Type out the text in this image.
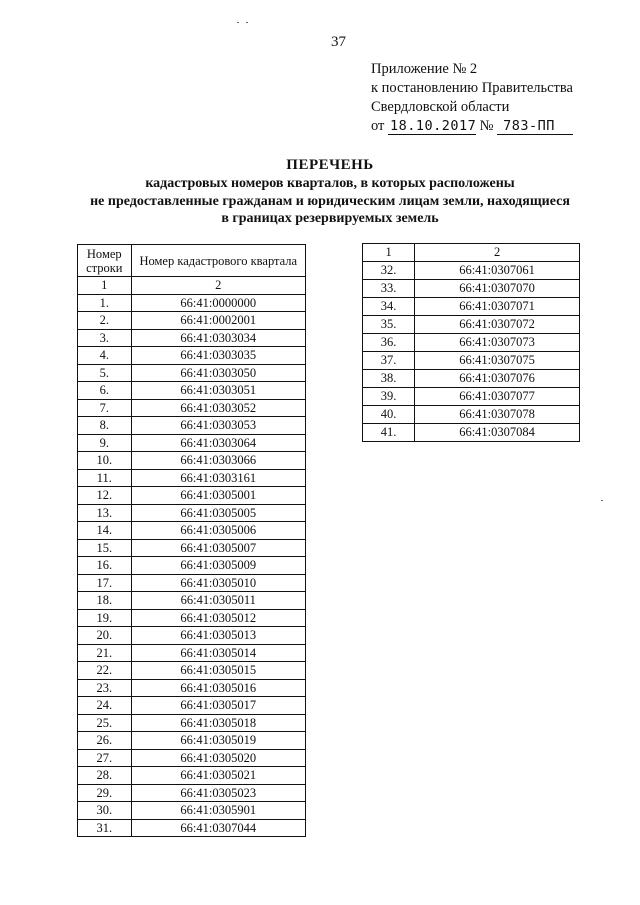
37
Приложение № 2
к постановлению Правительства
Свердловской области
от 18.10.2017 № 783-ПП
ПЕРЕЧЕНЬ
кадастровых номеров кварталов, в которых расположены
не предоставленные гражданам и юридическим лицам земли, находящиеся
в границах резервируемых земель
Номер строки	Номер кадастрового квартала
1	2
1.	66:41:0000000
2.	66:41:0002001
3.	66:41:0303034
4.	66:41:0303035
5.	66:41:0303050
6.	66:41:0303051
7.	66:41:0303052
8.	66:41:0303053
9.	66:41:0303064
10.	66:41:0303066
11.	66:41:0303161
12.	66:41:0305001
13.	66:41:0305005
14.	66:41:0305006
15.	66:41:0305007
16.	66:41:0305009
17.	66:41:0305010
18.	66:41:0305011
19.	66:41:0305012
20.	66:41:0305013
21.	66:41:0305014
22.	66:41:0305015
23.	66:41:0305016
24.	66:41:0305017
25.	66:41:0305018
26.	66:41:0305019
27.	66:41:0305020
28.	66:41:0305021
29.	66:41:0305023
30.	66:41:0305901
31.	66:41:0307044
1	2
32.	66:41:0307061
33.	66:41:0307070
34.	66:41:0307071
35.	66:41:0307072
36.	66:41:0307073
37.	66:41:0307075
38.	66:41:0307076
39.	66:41:0307077
40.	66:41:0307078
41.	66:41:0307084
